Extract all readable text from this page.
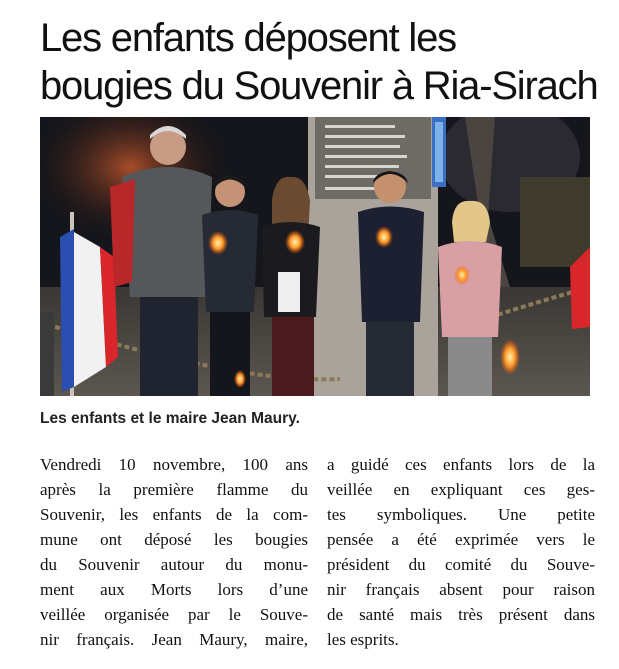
Les enfants déposent les
bougies du Souvenir à Ria-Sirach

Les enfants et le maire Jean Maury.

Vendredi 10 novembre, 100 ans
après la première flamme du
Souvenir, les enfants de la com-
mune ont déposé les bougies
du Souvenir autour du monu-
ment aux Morts lors d’une
veillée organisée par le Souve-
nir français. Jean Maury, maire,
a guidé ces enfants lors de la
veillée en expliquant ces ges-
tes symboliques. Une petite
pensée a été exprimée vers le
président du comité du Souve-
nir français absent pour raison
de santé mais très présent dans
les esprits.
